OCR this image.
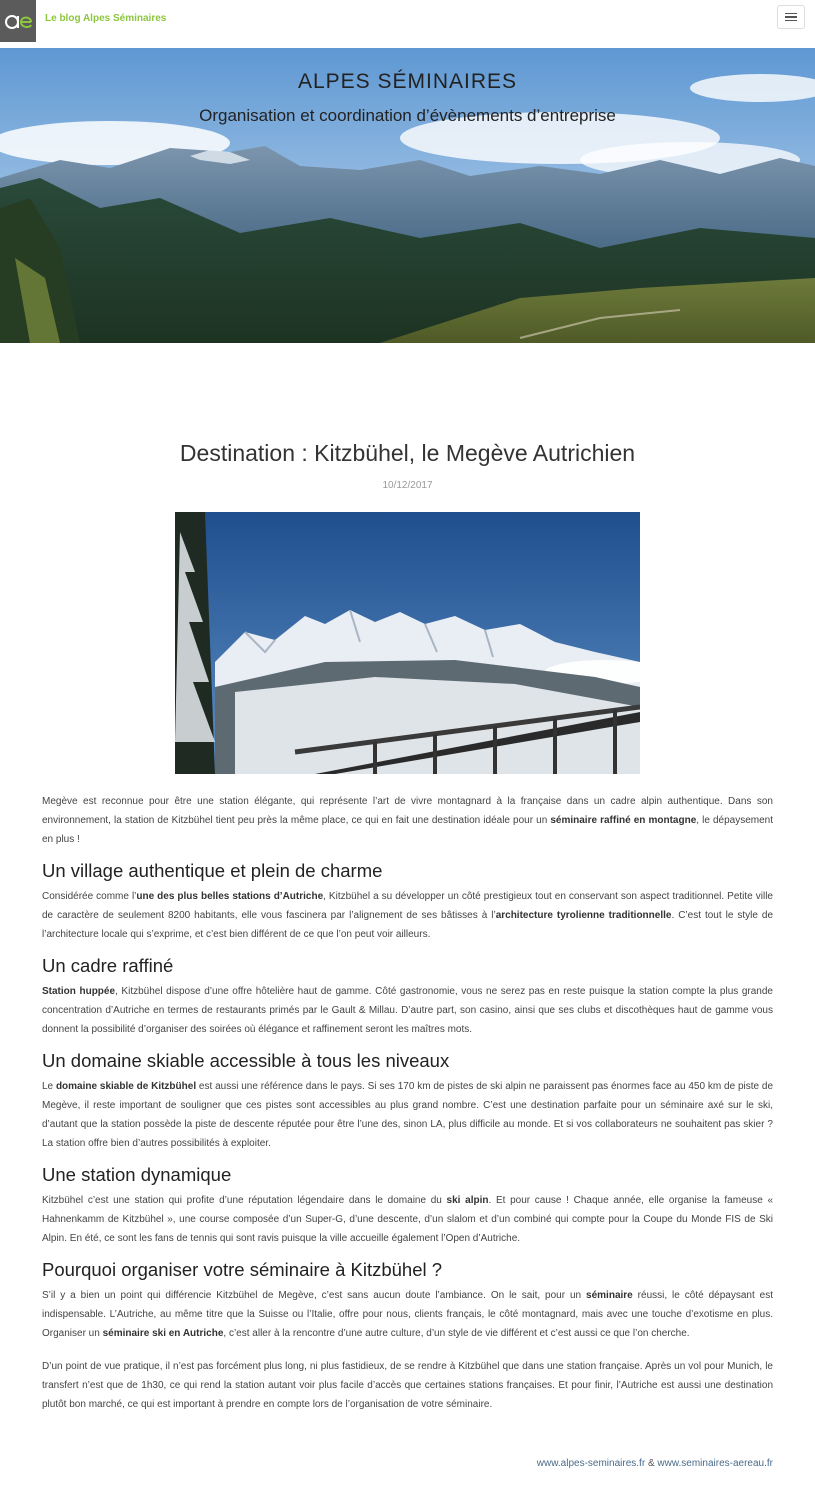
Le blog Alpes Séminaires
ALPES SÉMINAIRES
Organisation et coordination d’évènements d’entreprise
Destination : Kitzbühel, le Megève Autrichien
10/12/2017

Megève est reconnue pour être une station élégante, qui représente l’art de vivre montagnard à la française dans un cadre alpin authentique. Dans son environnement, la station de Kitzbühel tient peu près la même place, ce qui en fait une destination idéale pour un séminaire raffiné en montagne, le dépaysement en plus !

Un village authentique et plein de charme

Considérée comme l’une des plus belles stations d’Autriche, Kitzbühel a su développer un côté prestigieux tout en conservant son aspect traditionnel. Petite ville de caractère de seulement 8200 habitants, elle vous fascinera par l’alignement de ses bâtisses à l’architecture tyrolienne traditionnelle. C’est tout le style de l’architecture locale qui s’exprime, et c’est bien différent de ce que l’on peut voir ailleurs.

Un cadre raffiné

Station huppée, Kitzbühel dispose d’une offre hôtelière haut de gamme. Côté gastronomie, vous ne serez pas en reste puisque la station compte la plus grande concentration d’Autriche en termes de restaurants primés par le Gault & Millau. D’autre part, son casino, ainsi que ses clubs et discothèques haut de gamme vous donnent la possibilité d’organiser des soirées où élégance et raffinement seront les maîtres mots.

Un domaine skiable accessible à tous les niveaux

Le domaine skiable de Kitzbühel est aussi une référence dans le pays. Si ses 170 km de pistes de ski alpin ne paraissent pas énormes face au 450 km de piste de Megève, il reste important de souligner que ces pistes sont accessibles au plus grand nombre. C’est une destination parfaite pour un séminaire axé sur le ski, d’autant que la station possède la piste de descente réputée pour être l’une des, sinon LA, plus difficile au monde. Et si vos collaborateurs ne souhaitent pas skier ? La station offre bien d’autres possibilités à exploiter.

Une station dynamique

Kitzbühel c’est une station qui profite d’une réputation légendaire dans le domaine du ski alpin. Et pour cause ! Chaque année, elle organise la fameuse « Hahnenkamm de Kitzbühel », une course composée d’un Super-G, d’une descente, d’un slalom et d’un combiné qui compte pour la Coupe du Monde FIS de Ski Alpin. En été, ce sont les fans de tennis qui sont ravis puisque la ville accueille également l’Open d’Autriche.

Pourquoi organiser votre séminaire à Kitzbühel ?

S’il y a bien un point qui différencie Kitzbühel de Megève, c’est sans aucun doute l’ambiance. On le sait, pour un séminaire réussi, le côté dépaysant est indispensable. L’Autriche, au même titre que la Suisse ou l’Italie, offre pour nous, clients français, le côté montagnard, mais avec une touche d’exotisme en plus. Organiser un séminaire ski en Autriche, c’est aller à la rencontre d’une autre culture, d’un style de vie différent et c’est aussi ce que l’on cherche.

D’un point de vue pratique, il n’est pas forcément plus long, ni plus fastidieux, de se rendre à Kitzbühel que dans une station française. Après un vol pour Munich, le transfert n’est que de 1h30, ce qui rend la station autant voir plus facile d’accès que certaines stations françaises. Et pour finir, l’Autriche est aussi une destination plutôt bon marché, ce qui est important à prendre en compte lors de l’organisation de votre séminaire.

www.alpes-seminaires.fr & www.seminaires-aereau.fr
